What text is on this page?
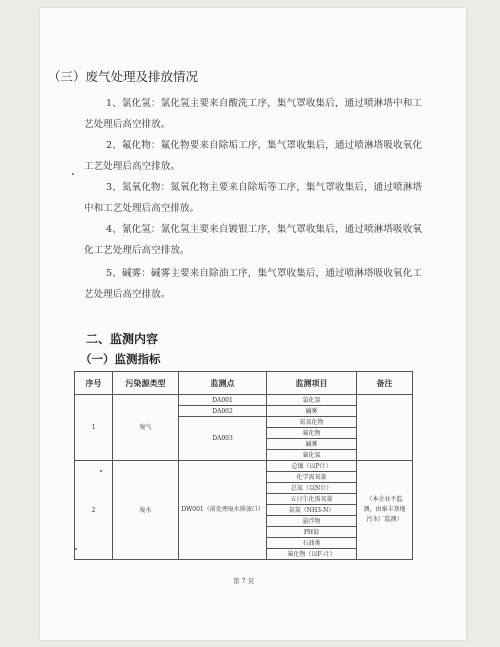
（三）废气处理及排放情况
1、氯化氢：氯化氢主要来自酸洗工序，集气罩收集后，通过喷淋塔中和工艺处理后高空排放。
2、氟化物：氟化物要来自除垢工序，集气罩收集后，通过喷淋塔吸收氧化工艺处理后高空排放。
3、氮氧化物：氮氧化物主要来自除垢等工序，集气罩收集后，通过喷淋塔中和工艺处理后高空排放。
4、氰化氢：氰化氢主要来自镀银工序，集气罩收集后，通过喷淋塔吸收氧化工艺处理后高空排放。
5、碱雾：碱雾主要来自除油工序，集气罩收集后，通过喷淋塔吸收氧化工艺处理后高空排放。
二、监测内容
（一）监测指标
序号	污染源类型	监测点	监测项目	备注
1	废气	DA001	氯化氢	
		DA002	碱雾	
		DA003	氮氧化物	
			氟化物	
			碱雾	
			氰化氢	
2	废水	DW001（前处理废水排放口）	总镍（以P计）	（本企业不监测，由秦丰基地污水厂监测）
			化学需氧量	
			总氮（以N计）	
			五日生化需氧量	
			氨氮（NH3-N）	
			悬浮物	
			PH值	
			石油类	
			氟化物（以F-计）	
第 7 页
